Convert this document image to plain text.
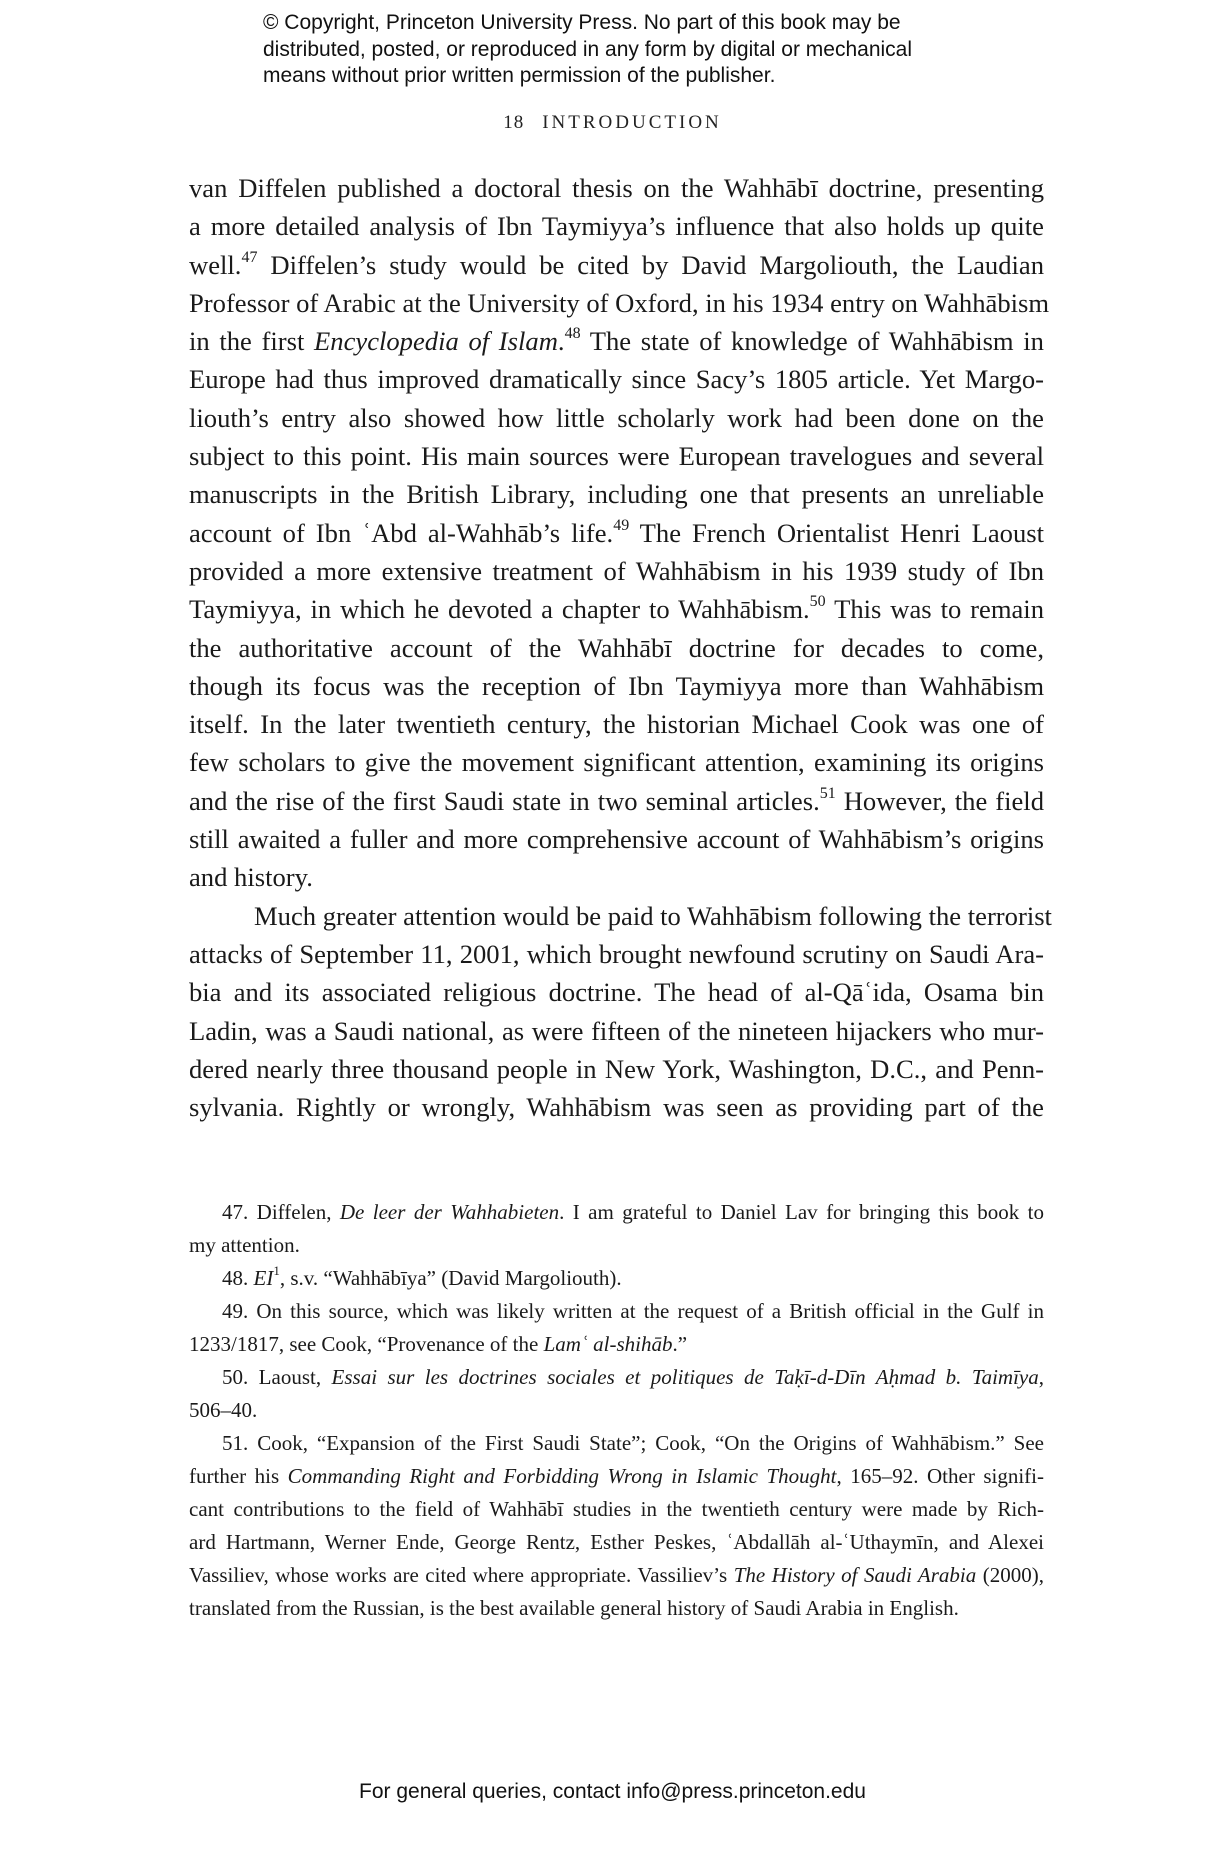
© Copyright, Princeton University Press. No part of this book may be
distributed, posted, or reproduced in any form by digital or mechanical
means without prior written permission of the publisher.
18 INTRODUCTION
van Diffelen published a doctoral thesis on the Wahhābī doctrine, presenting
a more detailed analysis of Ibn Taymiyya’s influence that also holds up quite
well.$^{47}$ Diffelen’s study would be cited by David Margoliouth, the Laudian
Professor of Arabic at the University of Oxford, in his 1934 entry on Wahhābism
in the first Encyclopedia of Islam.$^{48}$ The state of knowledge of Wahhābism in
Europe had thus improved dramatically since Sacy’s 1805 article. Yet Margo-
liouth’s entry also showed how little scholarly work had been done on the
subject to this point. His main sources were European travelogues and several
manuscripts in the British Library, including one that presents an unreliable
account of Ibn ʿAbd al-Wahhāb’s life.$^{49}$ The French Orientalist Henri Laoust
provided a more extensive treatment of Wahhābism in his 1939 study of Ibn
Taymiyya, in which he devoted a chapter to Wahhābism.$^{50}$ This was to remain
the authoritative account of the Wahhābī doctrine for decades to come,
though its focus was the reception of Ibn Taymiyya more than Wahhābism
itself. In the later twentieth century, the historian Michael Cook was one of
few scholars to give the movement significant attention, examining its origins
and the rise of the first Saudi state in two seminal articles.$^{51}$ However, the field
still awaited a fuller and more comprehensive account of Wahhābism’s origins
and history.
Much greater attention would be paid to Wahhābism following the terrorist
attacks of September 11, 2001, which brought newfound scrutiny on Saudi Ara-
bia and its associated religious doctrine. The head of al-Qāʿida, Osama bin
Ladin, was a Saudi national, as were fifteen of the nineteen hijackers who mur-
dered nearly three thousand people in New York, Washington, D.C., and Penn-
sylvania. Rightly or wrongly, Wahhābism was seen as providing part of the
47. Diffelen, De leer der Wahhabieten. I am grateful to Daniel Lav for bringing this book to
my attention.
48. $EI^1$, s.v. “Wahhābīya” (David Margoliouth).
49. On this source, which was likely written at the request of a British official in the Gulf in
1233/1817, see Cook, “Provenance of the Lamʿ al-shihāb.”
50. Laoust, Essai sur les doctrines sociales et politiques de Taḳī-d-Dīn Aḥmad b. Taimīya,
506–40.
51. Cook, “Expansion of the First Saudi State”; Cook, “On the Origins of Wahhābism.” See
further his Commanding Right and Forbidding Wrong in Islamic Thought, 165–92. Other signifi-
cant contributions to the field of Wahhābī studies in the twentieth century were made by Rich-
ard Hartmann, Werner Ende, George Rentz, Esther Peskes, ʿAbdallāh al-ʿUthaymīn, and Alexei
Vassiliev, whose works are cited where appropriate. Vassiliev’s The History of Saudi Arabia (2000),
translated from the Russian, is the best available general history of Saudi Arabia in English.
For general queries, contact info@press.princeton.edu
